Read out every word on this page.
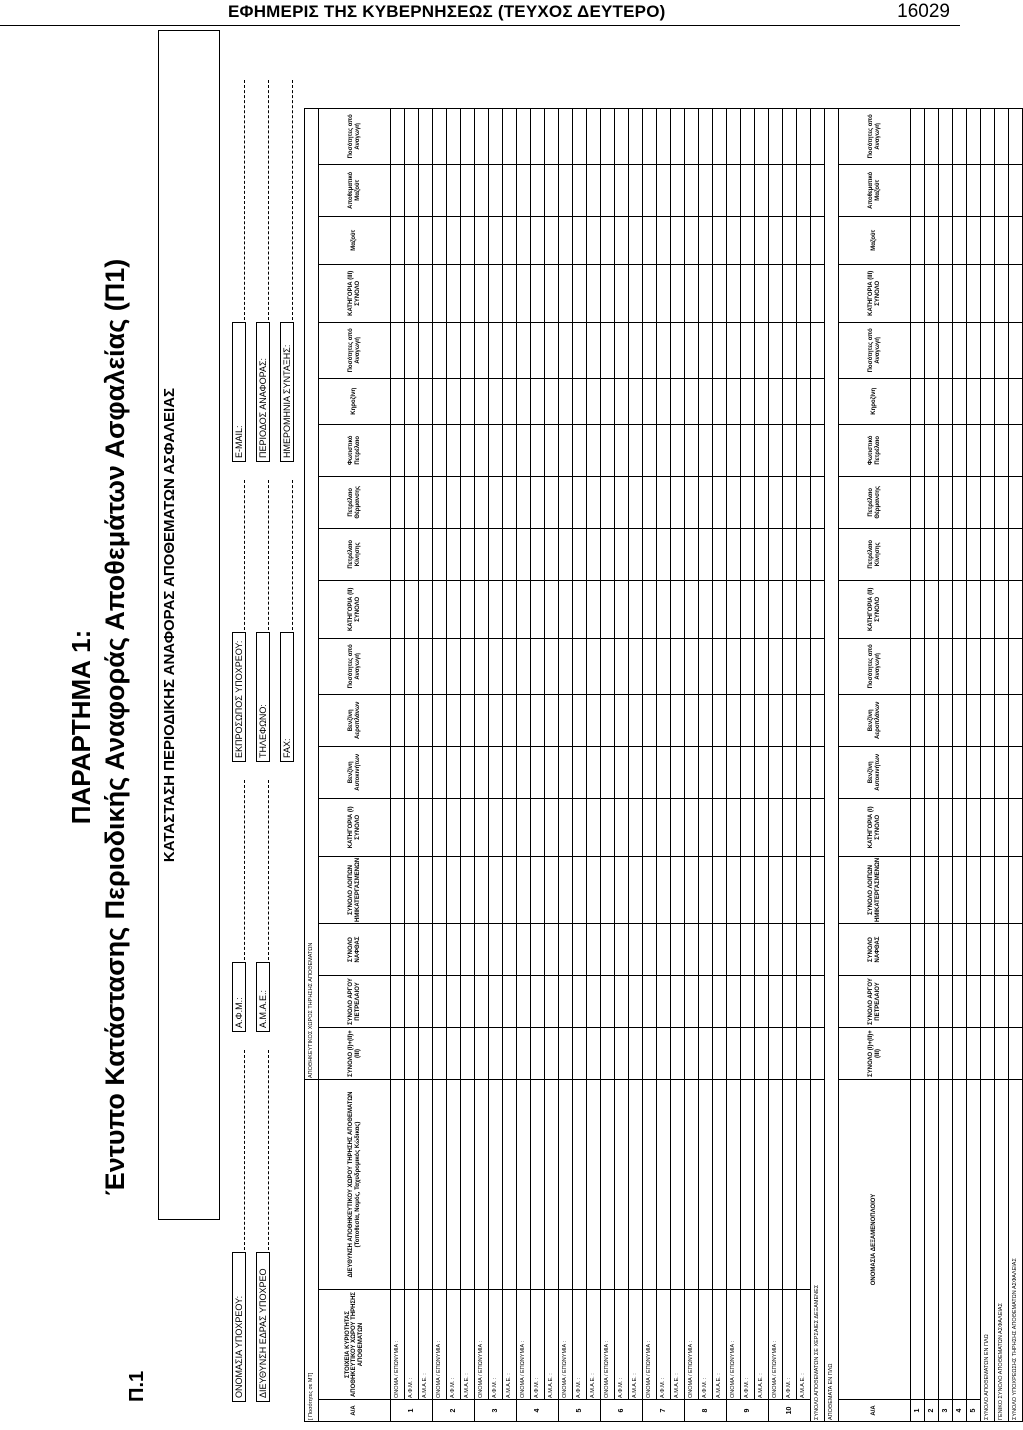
ΕΦΗΜΕΡΙΣ ΤΗΣ ΚΥΒΕΡΝΗΣΕΩΣ (ΤΕΥΧΟΣ ΔΕΥΤΕΡΟ)	16029
Π.1
ΠΑΡΑΡΤΗΜΑ 1: Έντυπο Κατάστασης Περιοδικής Αναφοράς Αποθεμάτων Ασφαλείας (Π1) ΚΑΤΑΣΤΑΣΗ ΠΕΡΙΟΔΙΚΗΣ ΑΝΑΦΟΡΑΣ ΑΠΟΘΕΜΑΤΩΝ ΑΣΦΑΛΕΙΑΣ
ΟΝΟΜΑΣΙΑ ΥΠΟΧΡΕΟΥ: ΔΙΕΥΘΥΝΣΗ ΕΔΡΑΣ ΥΠΟΧΡΕΟ
Α.Φ.Μ.: Α.Μ.Α.Ε.:
ΕΚΠΡΟΣΩΠΟΣ ΥΠΟΧΡΕΟΥ: ΤΗΛΕΦΩΝΟ: FAX:
E-MAIL: ΠΕΡΙΟΔΟΣ ΑΝΑΦΟΡΑΣ: ΗΜΕΡΟΜΗΝΙΑ ΣΥΝΤΑΞΗΣ:
[ Ποσότητες σε ΜΤ]			ΑΠΟΘΗΚΕΥΤΙΚΟΣ ΧΩΡΟΣ ΤΗΡΗΣΗΣ ΑΠΟΘΕΜΑΤΩΝ																	
Α/Α	ΣΤΟΙΧΕΙΑ ΚΥΡΙΟΤΗΤΑΣ ΑΠΟΘΗΚΕΥΤΙΚΟΥ ΧΩΡΟΥ ΤΗΡΗΣΗΣ ΑΠΟΘΕΜΑΤΩΝ	ΔΙΕΥΘΥΝΣΗ ΑΠΟΘΗΚΕΥΤΙΚΟΥ ΧΩΡΟΥ ΤΗΡΗΣΗΣ ΑΠΟΘΕΜΑΤΩΝ (Τοποθεσία, Νομός, Ταχυδρομικός Κώδικας)	ΣΥΝΟΛΟ (Ι)+(ΙΙ)+(ΙΙΙ)	ΣΥΝΟΛΟ ΑΡΓΟΥ ΠΕΤΡΕΛΑΙΟΥ	ΣΥΝΟΛΟ ΝΑΦΘΑΣ	ΣΥΝΟΛΟ ΛΟΙΠΩΝ ΗΜΙΚΑΤΕΡΓΑΣΜΕΝΩΝ	ΚΑΤΗΓΟΡΙΑ (Ι) ΣΥΝΟΛΟ	Βενζίνη Αυτοκινήτων	Βενζίνη Αεροπλάνων	Ποσότητες από Αναγωγή	ΚΑΤΗΓΟΡΙΑ (ΙΙ) ΣΥΝΟΛΟ	Πετρέλαιο Κίνησης	Πετρέλαιο Θέρμανσης	Φωτιστικό Πετρέλαιο	Κηροζίνη	Ποσότητες από Αναγωγή	ΚΑΤΗΓΟΡΙΑ (ΙΙΙ) ΣΥΝΟΛΟ	Μαζούτ	Αποθεματικό Μαζούτ	Ποσότητες από Αναγωγή
1	ΟΝΟΜΑ / ΕΠΩΝΥΜΙΑ :																			
	Α.Φ.Μ. :																			
	Α.Μ.Α.Ε. :																			
2	ΟΝΟΜΑ / ΕΠΩΝΥΜΙΑ :																			
	Α.Φ.Μ. :																			
	Α.Μ.Α.Ε. :																			
3	ΟΝΟΜΑ / ΕΠΩΝΥΜΙΑ :																			
	Α.Φ.Μ. :																			
	Α.Μ.Α.Ε. :																			
4	ΟΝΟΜΑ / ΕΠΩΝΥΜΙΑ :																			
	Α.Φ.Μ. :																			
	Α.Μ.Α.Ε. :																			
5	ΟΝΟΜΑ / ΕΠΩΝΥΜΙΑ :																			
	Α.Φ.Μ. :																			
	Α.Μ.Α.Ε. :																			
6	ΟΝΟΜΑ / ΕΠΩΝΥΜΙΑ :																			
	Α.Φ.Μ. :																			
	Α.Μ.Α.Ε. :																			
7	ΟΝΟΜΑ / ΕΠΩΝΥΜΙΑ :																			
	Α.Φ.Μ. :																			
	Α.Μ.Α.Ε. :																			
8	ΟΝΟΜΑ / ΕΠΩΝΥΜΙΑ :																			
	Α.Φ.Μ. :																			
	Α.Μ.Α.Ε. :																			
9	ΟΝΟΜΑ / ΕΠΩΝΥΜΙΑ :																			
	Α.Φ.Μ. :																			
	Α.Μ.Α.Ε. :																			
10	ΟΝΟΜΑ / ΕΠΩΝΥΜΙΑ :																			
	Α.Φ.Μ. :																			
	Α.Μ.Α.Ε. :																			
ΣΥΝΟΛΟ ΑΠΟΘΕΜΑΤΩΝ ΣΕ ΧΕΡΣΑΙΕΣ ΔΕΞΑΜΕΝΕΣ																				
ΑΠΟΘΕΜΑΤΑ ΕΝ ΠΛΩ																				
Α/Α	ΟΝΟΜΑΣΙΑ ΔΕΞΑΜΕΝΟΠΛΟΙΟΥ		ΣΥΝΟΛΟ (Ι)+(ΙΙ)+(ΙΙΙ)	ΣΥΝΟΛΟ ΑΡΓΟΥ ΠΕΤΡΕΛΑΙΟΥ	ΣΥΝΟΛΟ ΝΑΦΘΑΣ	ΣΥΝΟΛΟ ΛΟΙΠΩΝ ΗΜΙΚΑΤΕΡΓΑΣΜΕΝΩΝ	ΚΑΤΗΓΟΡΙΑ (Ι) ΣΥΝΟΛΟ	Βενζίνη Αυτοκινήτων	Βενζίνη Αεροπλάνων	Ποσότητες από Αναγωγή	ΚΑΤΗΓΟΡΙΑ (ΙΙ) ΣΥΝΟΛΟ	Πετρέλαιο Κίνησης	Πετρέλαιο Θέρμανσης	Φωτιστικό Πετρέλαιο	Κηροζίνη	Ποσότητες από Αναγωγή	ΚΑΤΗΓΟΡΙΑ (ΙΙΙ) ΣΥΝΟΛΟ	Μαζούτ	Αποθεματικό Μαζούτ	Ποσότητες από Αναγωγή
1																				
2																				
3																				
4																				
5																				
ΣΥΝΟΛΟ ΑΠΟΘΕΜΑΤΩΝ ΕΝ ΠΛΩ																				
ΓΕΝΙΚΟ ΣΥΝΟΛΟ ΑΠΟΘΕΜΑΤΩΝ ΑΣΦΑΛΕΙΑΣ																				
ΣΥΝΟΛΟ ΥΠΟΧΡΕΩΣΗΣ ΤΗΡΗΣΗΣ ΑΠΟΘΕΜΑΤΩΝ ΑΣΦΑΛΕΙΑΣ																				
